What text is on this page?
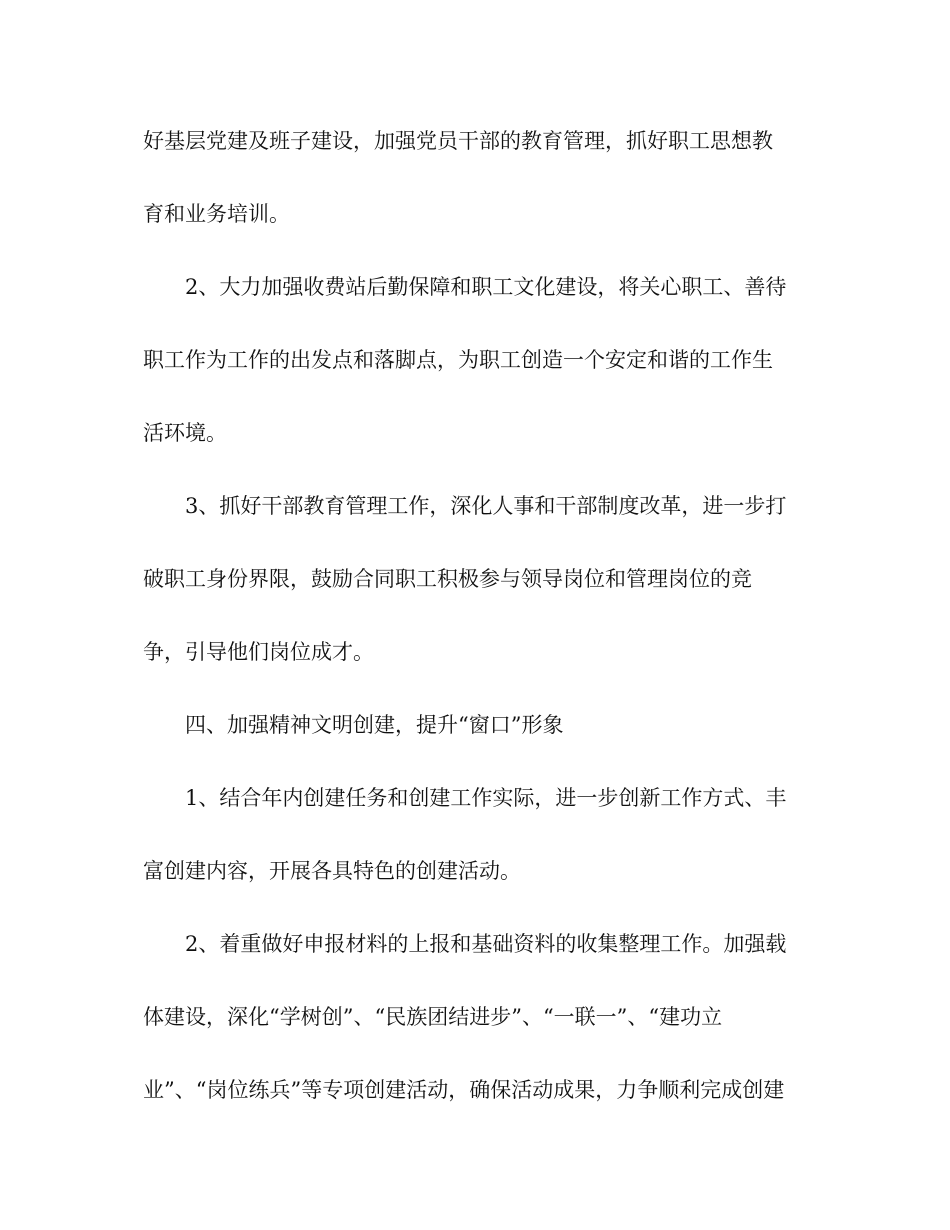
好基层党建及班子建设，加强党员干部的教育管理，抓好职工思想教
育和业务培训。
2、大力加强收费站后勤保障和职工文化建设，将关心职工、善待
职工作为工作的出发点和落脚点，为职工创造一个安定和谐的工作生
活环境。
3、抓好干部教育管理工作，深化人事和干部制度改革，进一步打
破职工身份界限，鼓励合同职工积极参与领导岗位和管理岗位的竞
争，引导他们岗位成才。
四、加强精神文明创建，提升“窗口”形象
1、结合年内创建任务和创建工作实际，进一步创新工作方式、丰
富创建内容，开展各具特色的创建活动。
2、着重做好申报材料的上报和基础资料的收集整理工作。加强载
体建设，深化“学树创”、“民族团结进步”、“一联一”、“建功立
业”、“岗位练兵”等专项创建活动，确保活动成果，力争顺利完成创建
